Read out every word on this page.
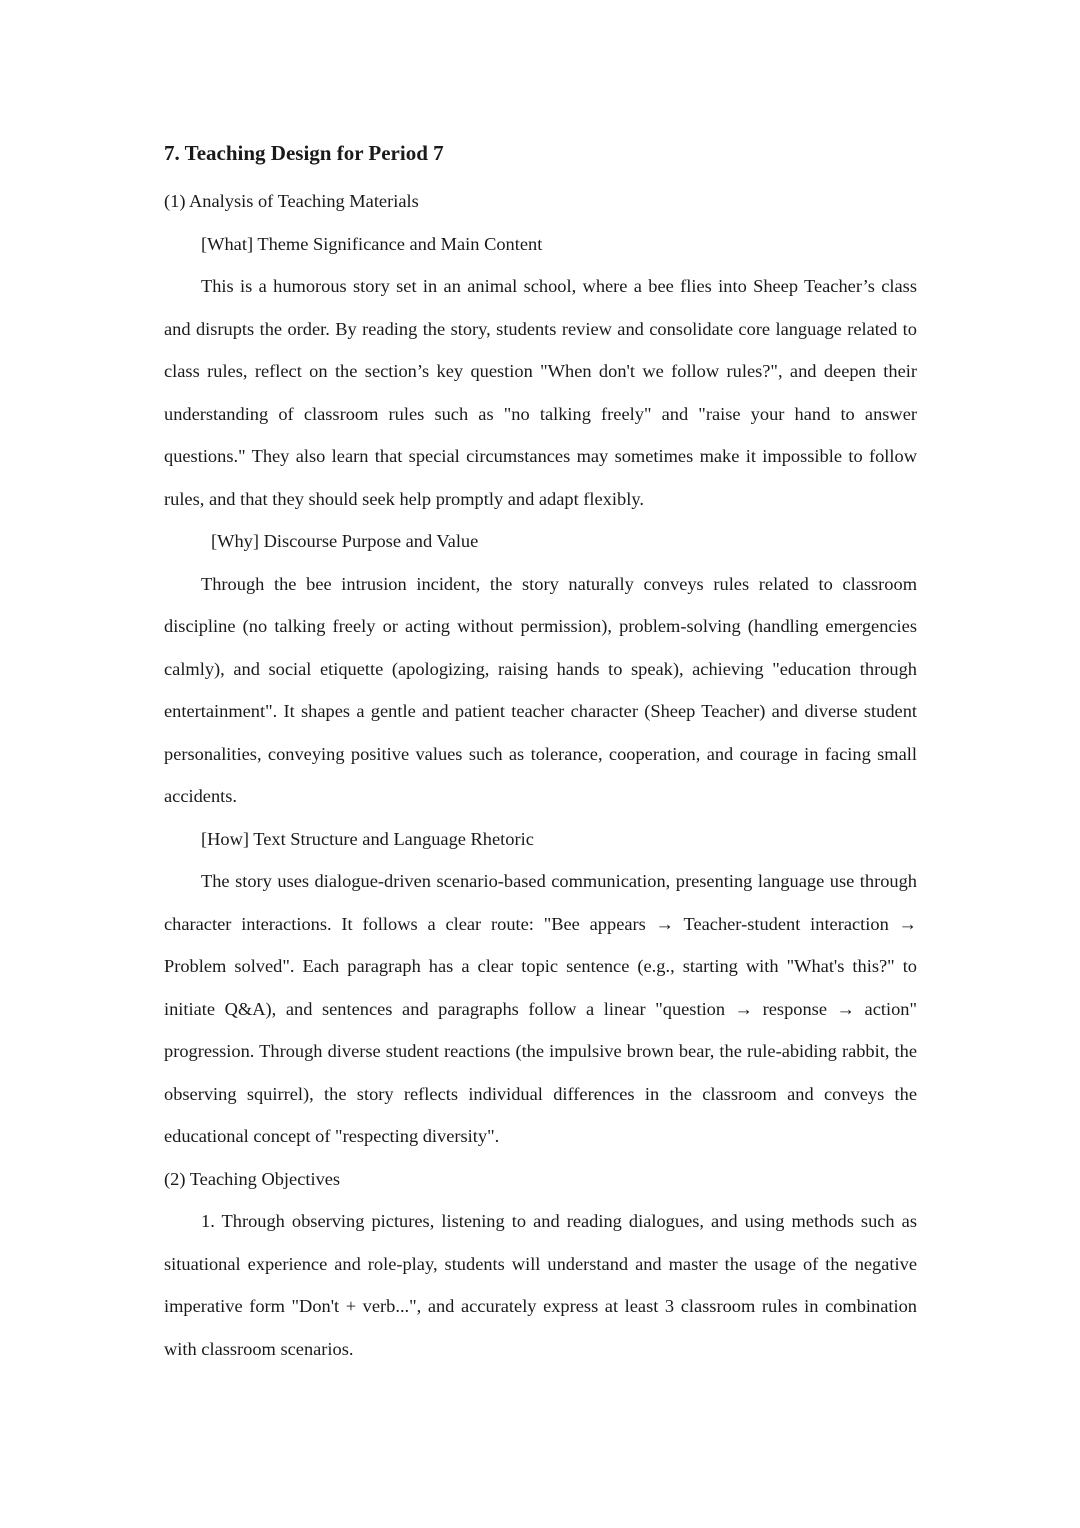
7. Teaching Design for Period 7

(1) Analysis of Teaching Materials

[What] Theme Significance and Main Content

This is a humorous story set in an animal school, where a bee flies into Sheep Teacher’s class and disrupts the order. By reading the story, students review and consolidate core language related to class rules, reflect on the section’s key question "When don't we follow rules?", and deepen their understanding of classroom rules such as "no talking freely" and "raise your hand to answer questions." They also learn that special circumstances may sometimes make it impossible to follow rules, and that they should seek help promptly and adapt flexibly.

[Why] Discourse Purpose and Value

Through the bee intrusion incident, the story naturally conveys rules related to classroom discipline (no talking freely or acting without permission), problem-solving (handling emergencies calmly), and social etiquette (apologizing, raising hands to speak), achieving "education through entertainment". It shapes a gentle and patient teacher character (Sheep Teacher) and diverse student personalities, conveying positive values such as tolerance, cooperation, and courage in facing small accidents.

[How] Text Structure and Language Rhetoric

The story uses dialogue-driven scenario-based communication, presenting language use through character interactions. It follows a clear route: "Bee appears → Teacher-student interaction → Problem solved". Each paragraph has a clear topic sentence (e.g., starting with "What's this?" to initiate Q&A), and sentences and paragraphs follow a linear "question → response → action" progression. Through diverse student reactions (the impulsive brown bear, the rule-abiding rabbit, the observing squirrel), the story reflects individual differences in the classroom and conveys the educational concept of "respecting diversity".

(2) Teaching Objectives

1. Through observing pictures, listening to and reading dialogues, and using methods such as situational experience and role-play, students will understand and master the usage of the negative imperative form "Don't + verb...", and accurately express at least 3 classroom rules in combination with classroom scenarios.
